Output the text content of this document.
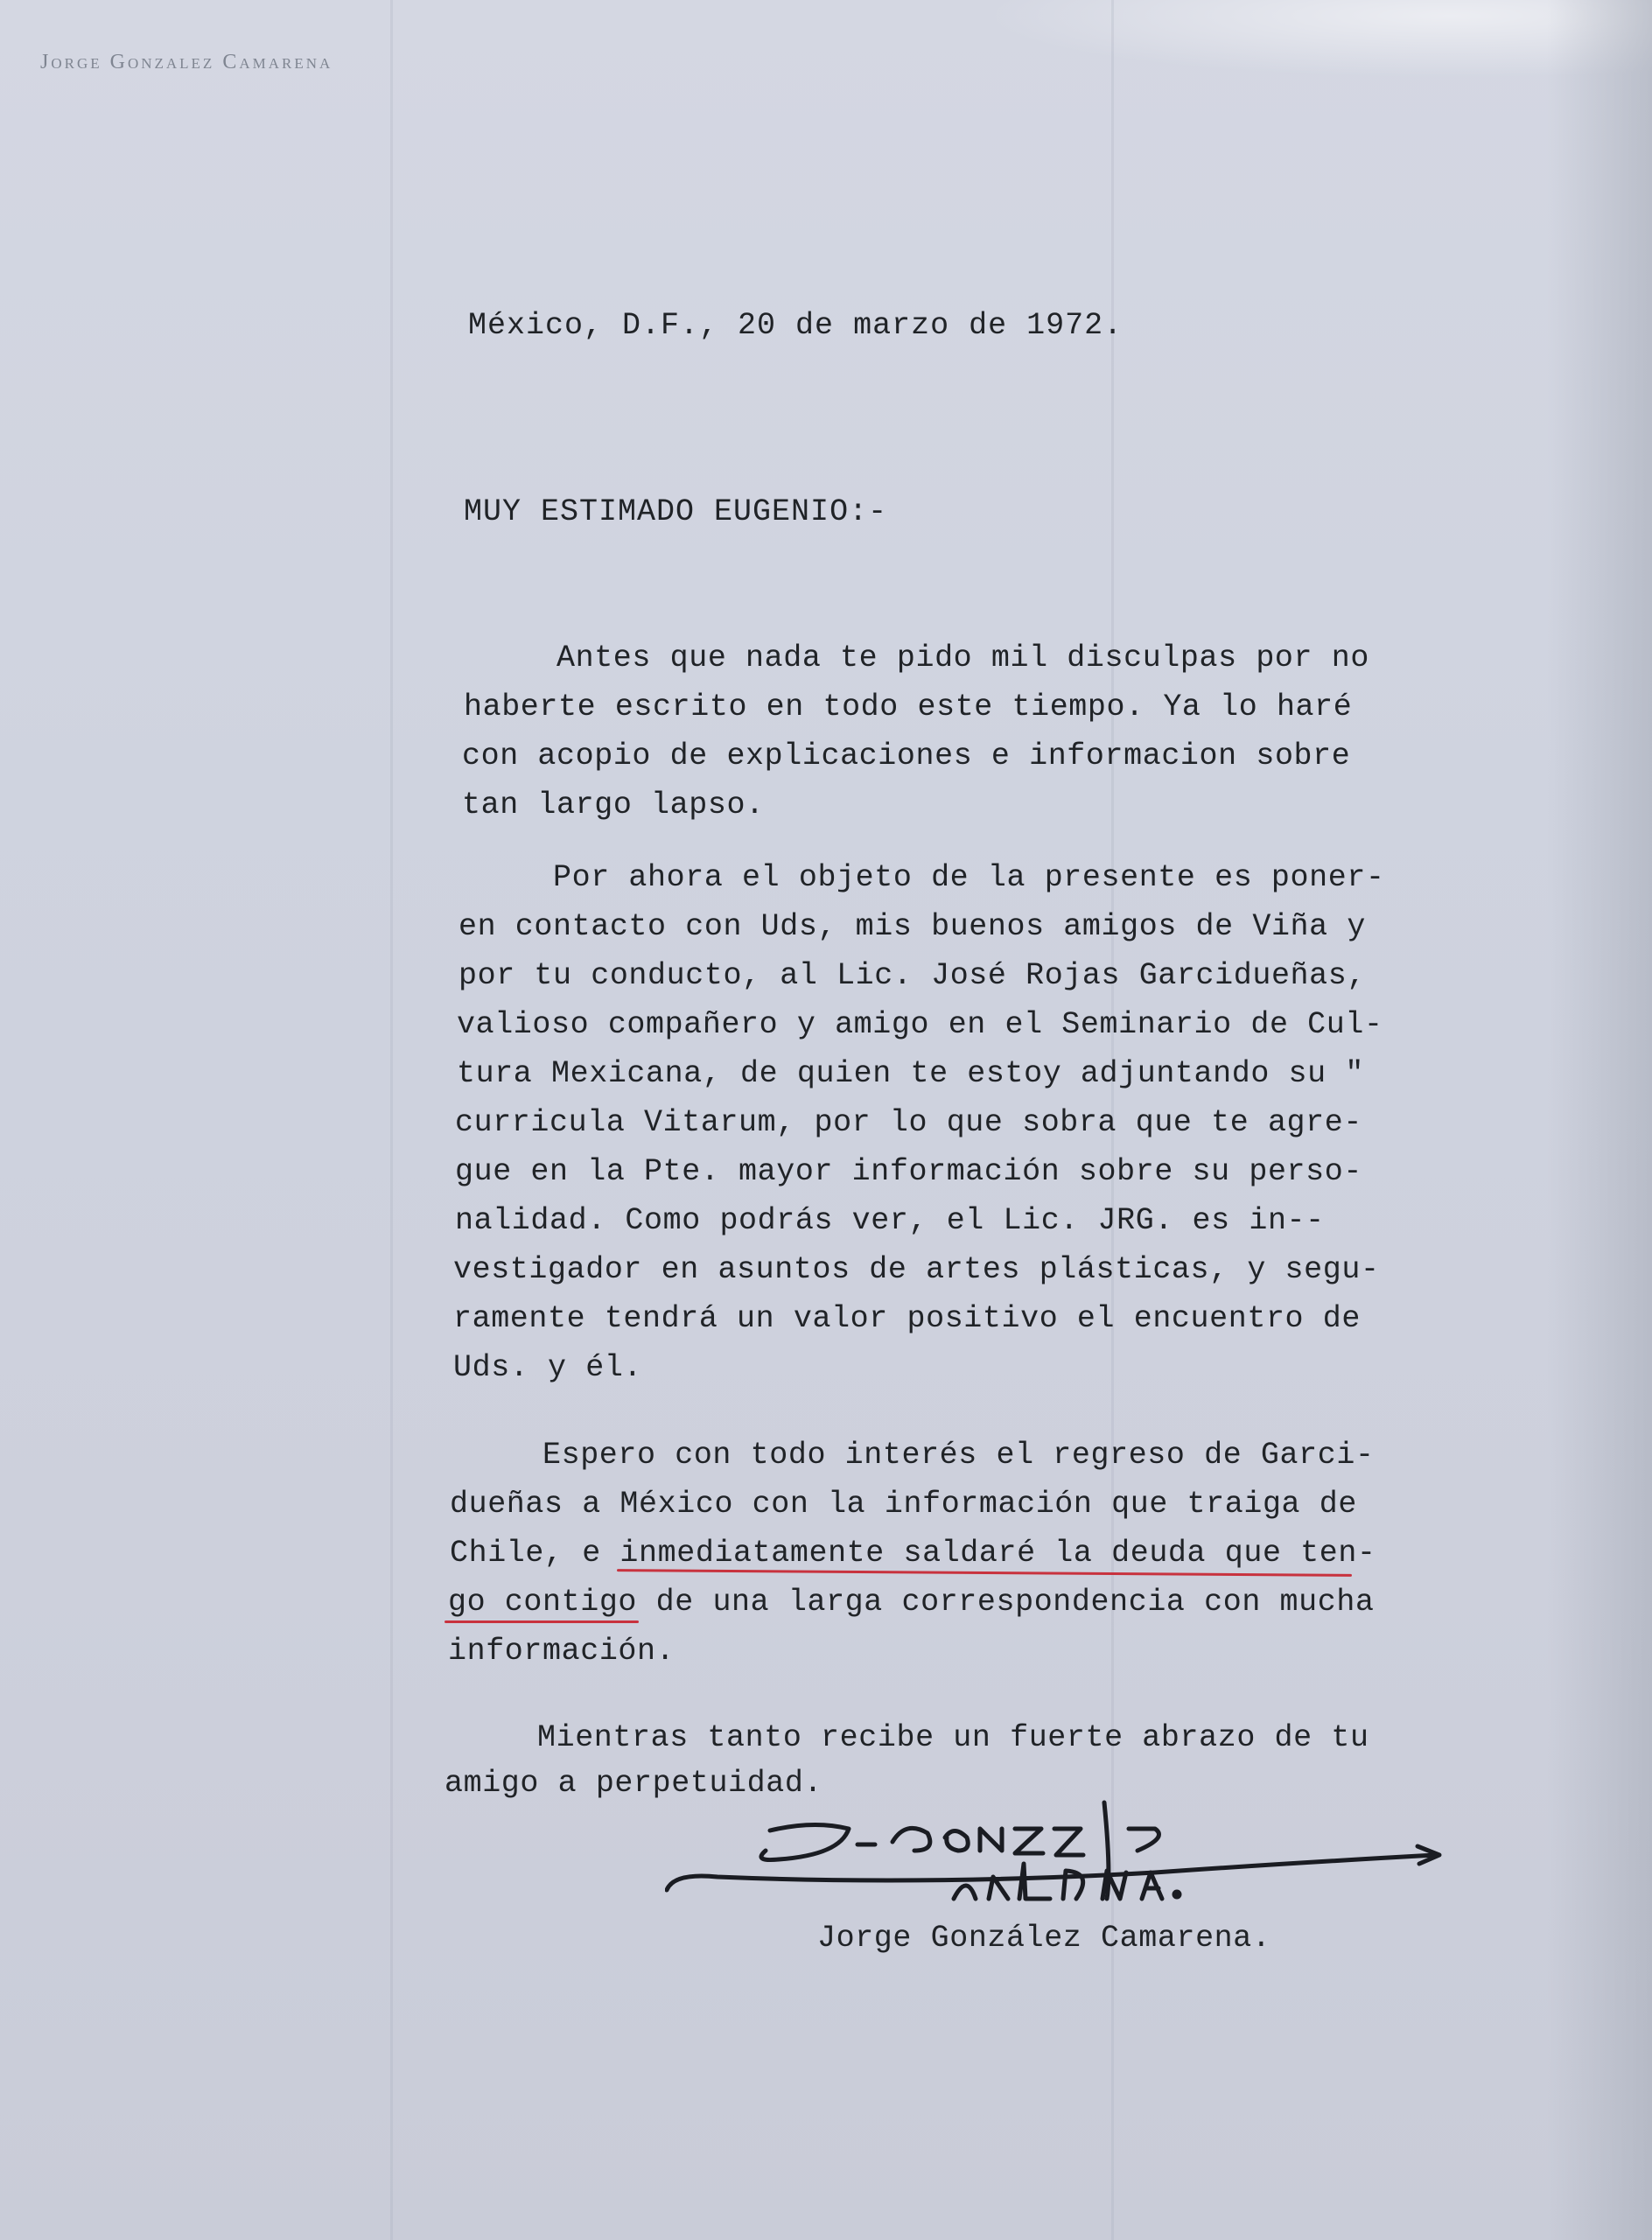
Jorge Gonzalez Camarena
México, D.F., 20 de marzo de 1972.
MUY ESTIMADO EUGENIO:-
Antes que nada te pido mil disculpas por no
haberte escrito en todo este tiempo. Ya lo haré
con acopio de explicaciones e informacion sobre
tan largo lapso.
Por ahora el objeto de la presente es poner-
en contacto con Uds, mis buenos amigos de Viña y
por tu conducto, al Lic. José Rojas Garcidueñas,
valioso compañero y amigo en el Seminario de Cul-
tura Mexicana, de quien te estoy adjuntando su "
curricula Vitarum, por lo que sobra que te agre-
gue en la Pte. mayor información sobre su perso-
nalidad. Como podrás ver, el Lic. JRG. es in--
vestigador en asuntos de artes plásticas, y segu-
ramente tendrá un valor positivo el encuentro de
Uds. y él.
Espero con todo interés el regreso de Garci-
dueñas a México con la información que traiga de
Chile, e inmediatamente saldaré la deuda que ten-
go contigo de una larga correspondencia con mucha
información.
Mientras tanto recibe un fuerte abrazo de tu
amigo a perpetuidad.
Jorge González Camarena.
